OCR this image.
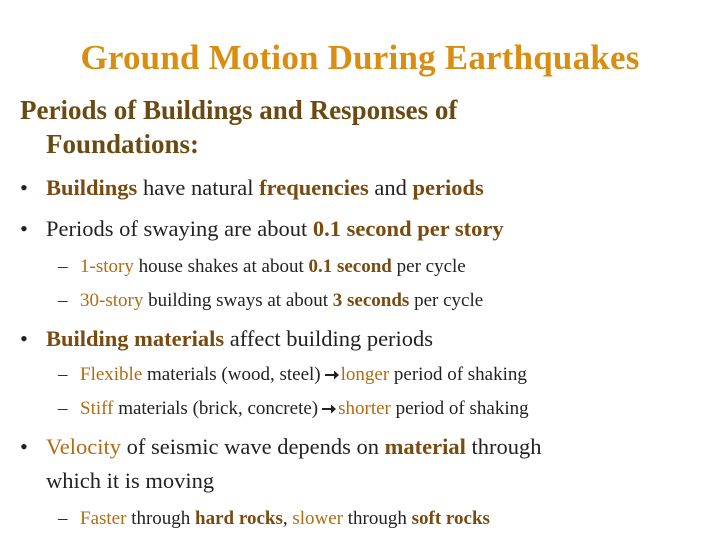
Ground Motion During Earthquakes
Periods of Buildings and Responses of
Foundations:
• Buildings have natural frequencies and periods
• Periods of swaying are about 0.1 second per story
– 1-story house shakes at about 0.1 second per cycle
– 30-story building sways at about 3 seconds per cycle
• Building materials affect building periods
– Flexible materials (wood, steel) longer period of shaking
– Stiff materials (brick, concrete) shorter period of shaking
• Velocity of seismic wave depends on material through
which it is moving
– Faster through hard rocks, slower through soft rocks
